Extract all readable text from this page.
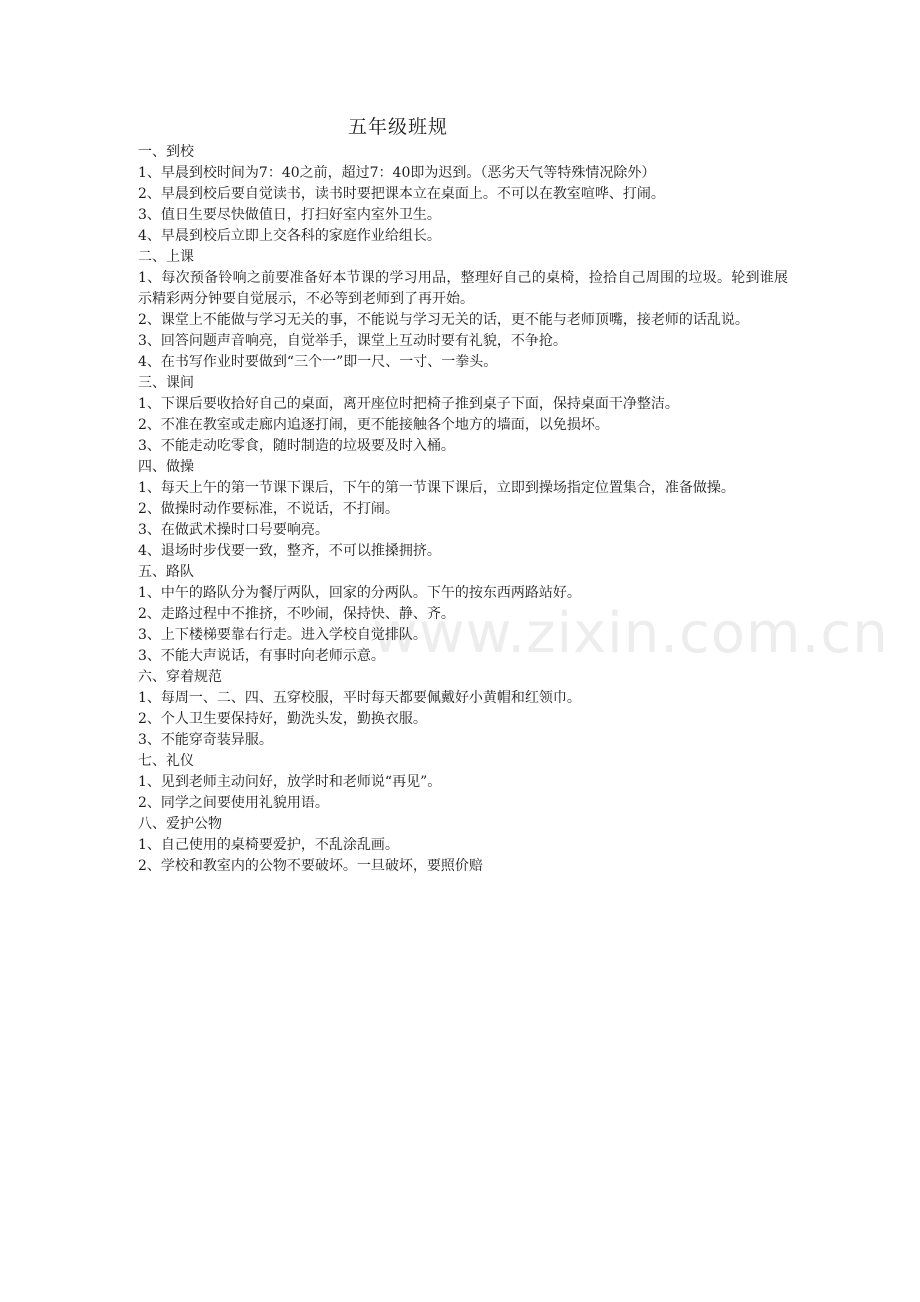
五年级班规
一、到校
1、早晨到校时间为7：40之前，超过7：40即为迟到。（恶劣天气等特殊情况除外）
2、早晨到校后要自觉读书，读书时要把课本立在桌面上。不可以在教室喧哗、打闹。
3、值日生要尽快做值日，打扫好室内室外卫生。
4、早晨到校后立即上交各科的家庭作业给组长。
二、上课
1、每次预备铃响之前要准备好本节课的学习用品，整理好自己的桌椅，捡拾自己周围的垃圾。轮到谁展示精彩两分钟要自觉展示，不必等到老师到了再开始。
2、课堂上不能做与学习无关的事，不能说与学习无关的话，更不能与老师顶嘴，接老师的话乱说。
3、回答问题声音响亮，自觉举手，课堂上互动时要有礼貌，不争抢。
4、在书写作业时要做到“三个一”即一尺、一寸、一拳头。
三、课间
1、下课后要收拾好自己的桌面，离开座位时把椅子推到桌子下面，保持桌面干净整洁。
2、不准在教室或走廊内追逐打闹，更不能接触各个地方的墙面，以免损坏。
3、不能走动吃零食，随时制造的垃圾要及时入桶。
四、做操
1、每天上午的第一节课下课后，下午的第一节课下课后，立即到操场指定位置集合，准备做操。
2、做操时动作要标准，不说话，不打闹。
3、在做武术操时口号要响亮。
4、退场时步伐要一致，整齐，不可以推搡拥挤。
五、路队
1、中午的路队分为餐厅两队，回家的分两队。下午的按东西两路站好。
2、走路过程中不推挤，不吵闹，保持快、静、齐。
3、上下楼梯要靠右行走。进入学校自觉排队。
3、不能大声说话，有事时向老师示意。
六、穿着规范
1、每周一、二、四、五穿校服，平时每天都要佩戴好小黄帽和红领巾。
2、个人卫生要保持好，勤洗头发，勤换衣服。
3、不能穿奇装异服。
七、礼仪
1、见到老师主动问好，放学时和老师说“再见”。
2、同学之间要使用礼貌用语。
八、爱护公物
1、自己使用的桌椅要爱护，不乱涂乱画。
2、学校和教室内的公物不要破坏。一旦破坏，要照价赔
www.zixin.com.cn
